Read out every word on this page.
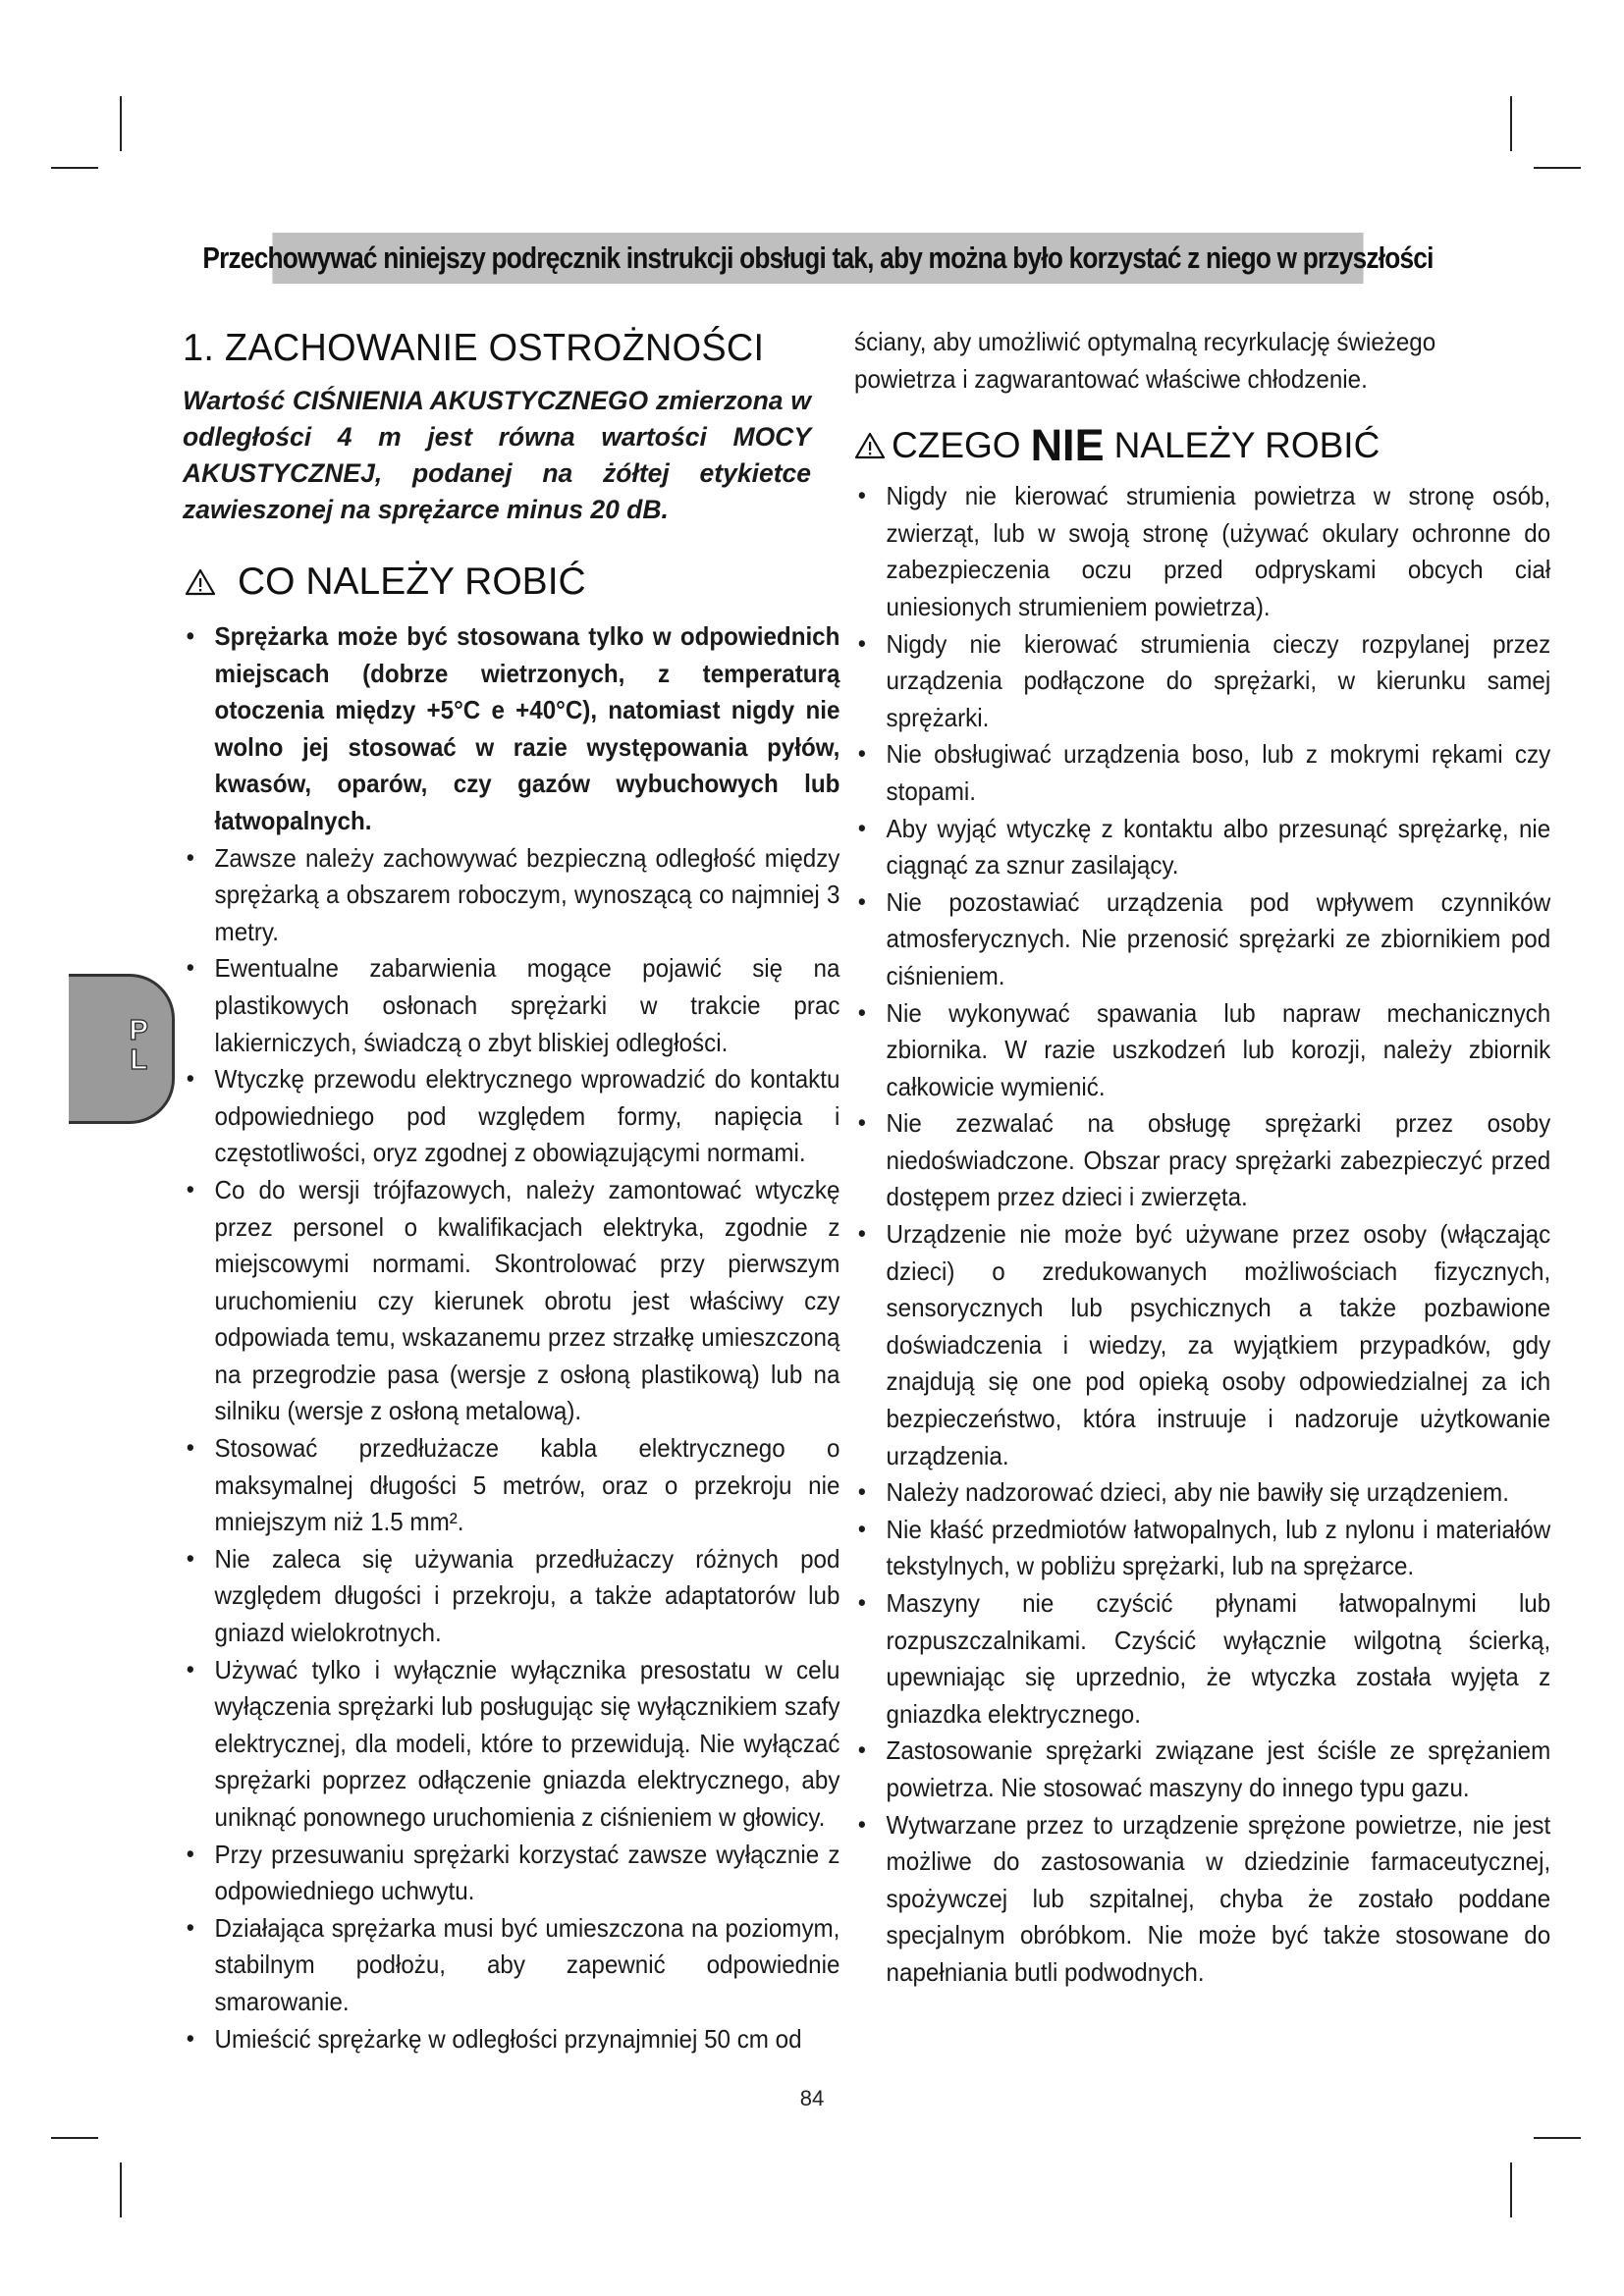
Przechowywać niniejszy podręcznik instrukcji obsługi tak, aby można było korzystać z niego w przyszłości
P
L
1. ZACHOWANIE OSTROŻNOŚCI

Wartość CIŚNIENIA AKUSTYCZNEGO zmierzona w odległości 4 m jest równa wartości MOCY AKUSTYCZNEJ, podanej na żółtej etykietce zawieszonej na sprężarce minus 20 dB.

CO NALEŻY ROBIĆ
• Sprężarka może być stosowana tylko w odpowiednich miejscach (dobrze wietrzonych, z temperaturą otoczenia między +5°C e +40°C), natomiast nigdy nie wolno jej stosować w razie występowania pyłów, kwasów, oparów, czy gazów wybuchowych lub łatwopalnych.
• Zawsze należy zachowywać bezpieczną odległość między sprężarką a obszarem roboczym, wynoszącą co najmniej 3 metry.
• Ewentualne zabarwienia mogące pojawić się na plastikowych osłonach sprężarki w trakcie prac lakierniczych, świadczą o zbyt bliskiej odległości.
• Wtyczkę przewodu elektrycznego wprowadzić do kontaktu odpowiedniego pod względem formy, napięcia i częstotliwości, oryz zgodnej z obowiązującymi normami.
• Co do wersji trójfazowych, należy zamontować wtyczkę przez personel o kwalifikacjach elektryka, zgodnie z miejscowymi normami. Skontrolować przy pierwszym uruchomieniu czy kierunek obrotu jest właściwy czy odpowiada temu, wskazanemu przez strzałkę umieszczoną na przegrodzie pasa (wersje z osłoną plastikową) lub na silniku (wersje z osłoną metalową).
• Stosować przedłużacze kabla elektrycznego o maksymalnej długości 5 metrów, oraz o przekroju nie mniejszym niż 1.5 mm².
• Nie zaleca się używania przedłużaczy różnych pod względem długości i przekroju, a także adaptatorów lub gniazd wielokrotnych.
• Używać tylko i wyłącznie wyłącznika presostatu w celu wyłączenia sprężarki lub posługując się wyłącznikiem szafy elektrycznej, dla modeli, które to przewidują. Nie wyłączać sprężarki poprzez odłączenie gniazda elektrycznego, aby uniknąć ponownego uruchomienia z ciśnieniem w głowicy.
• Przy przesuwaniu sprężarki korzystać zawsze wyłącznie z odpowiedniego uchwytu.
• Działająca sprężarka musi być umieszczona na poziomym, stabilnym podłożu, aby zapewnić odpowiednie smarowanie.
• Umieścić sprężarkę w odległości przynajmniej 50 cm od
ściany, aby umożliwić optymalną recyrkulację świeżego powietrza i zagwarantować właściwe chłodzenie.
CZEGO NIE NALEŻY ROBIĆ
• Nigdy nie kierować strumienia powietrza w stronę osób, zwierząt, lub w swoją stronę (używać okulary ochronne do zabezpieczenia oczu przed odpryskami obcych ciał uniesionych strumieniem powietrza).
• Nigdy nie kierować strumienia cieczy rozpylanej przez urządzenia podłączone do sprężarki, w kierunku samej sprężarki.
• Nie obsługiwać urządzenia boso, lub z mokrymi rękami czy stopami.
• Aby wyjąć wtyczkę z kontaktu albo przesunąć sprężarkę, nie ciągnąć za sznur zasilający.
• Nie pozostawiać urządzenia pod wpływem czynników atmosferycznych. Nie przenosić sprężarki ze zbiornikiem pod ciśnieniem.
• Nie wykonywać spawania lub napraw mechanicznych zbiornika. W razie uszkodzeń lub korozji, należy zbiornik całkowicie wymienić.
• Nie zezwalać na obsługę sprężarki przez osoby niedoświadczone. Obszar pracy sprężarki zabezpieczyć przed dostępem przez dzieci i zwierzęta.
• Urządzenie nie może być używane przez osoby (włączając dzieci) o zredukowanych możliwościach fizycznych, sensorycznych lub psychicznych a także pozbawione doświadczenia i wiedzy, za wyjątkiem przypadków, gdy znajdują się one pod opieką osoby odpowiedzialnej za ich bezpieczeństwo, która instruuje i nadzoruje użytkowanie urządzenia.
• Należy nadzorować dzieci, aby nie bawiły się urządzeniem.
• Nie kłaść przedmiotów łatwopalnych, lub z nylonu i materiałów tekstylnych, w pobliżu sprężarki, lub na sprężarce.
• Maszyny nie czyścić płynami łatwopalnymi lub rozpuszczalnikami. Czyścić wyłącznie wilgotną ścierką, upewniając się uprzednio, że wtyczka została wyjęta z gniazdka elektrycznego.
• Zastosowanie sprężarki związane jest ściśle ze sprężaniem powietrza. Nie stosować maszyny do innego typu gazu.
• Wytwarzane przez to urządzenie sprężone powietrze, nie jest możliwe do zastosowania w dziedzinie farmaceutycznej, spożywczej lub szpitalnej, chyba że zostało poddane specjalnym obróbkom. Nie może być także stosowane do napełniania butli podwodnych.
84
